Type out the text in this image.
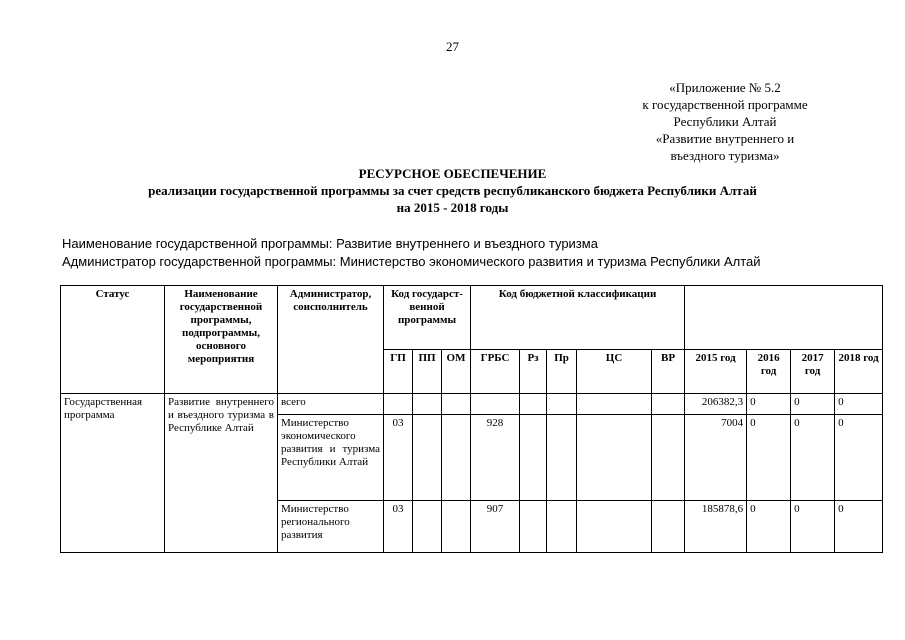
27
«Приложение № 5.2
к государственной программе
Республики Алтай
«Развитие внутреннего и
въездного туризма»
РЕСУРСНОЕ ОБЕСПЕЧЕНИЕ
реализации государственной программы за счет средств республиканского бюджета Республики Алтай
на 2015 - 2018 годы
Наименование государственной программы: Развитие внутреннего и въездного туризма
Администратор государственной программы: Министерство экономического развития и туризма Республики Алтай
Статус	Наименование государственной программы, подпрограммы, основного мероприятия	Администратор, соисполнитель	Код государст-венной программы			Код бюджетной классификации								
			ГП	ПП	ОМ	ГРБС	Рз	Пр	ЦС	ВР	2015 год	2016 год	2017 год	2018 год
Государственная программа	Развитие внутреннего и въездного туризма в Республике Алтай	всего									206382,3	0	0	0
		Министерство экономического развития и туризма Республики Алтай	03			928					7004	0	0	0
		Министерство регионального развития	03			907					185878,6	0	0	0
